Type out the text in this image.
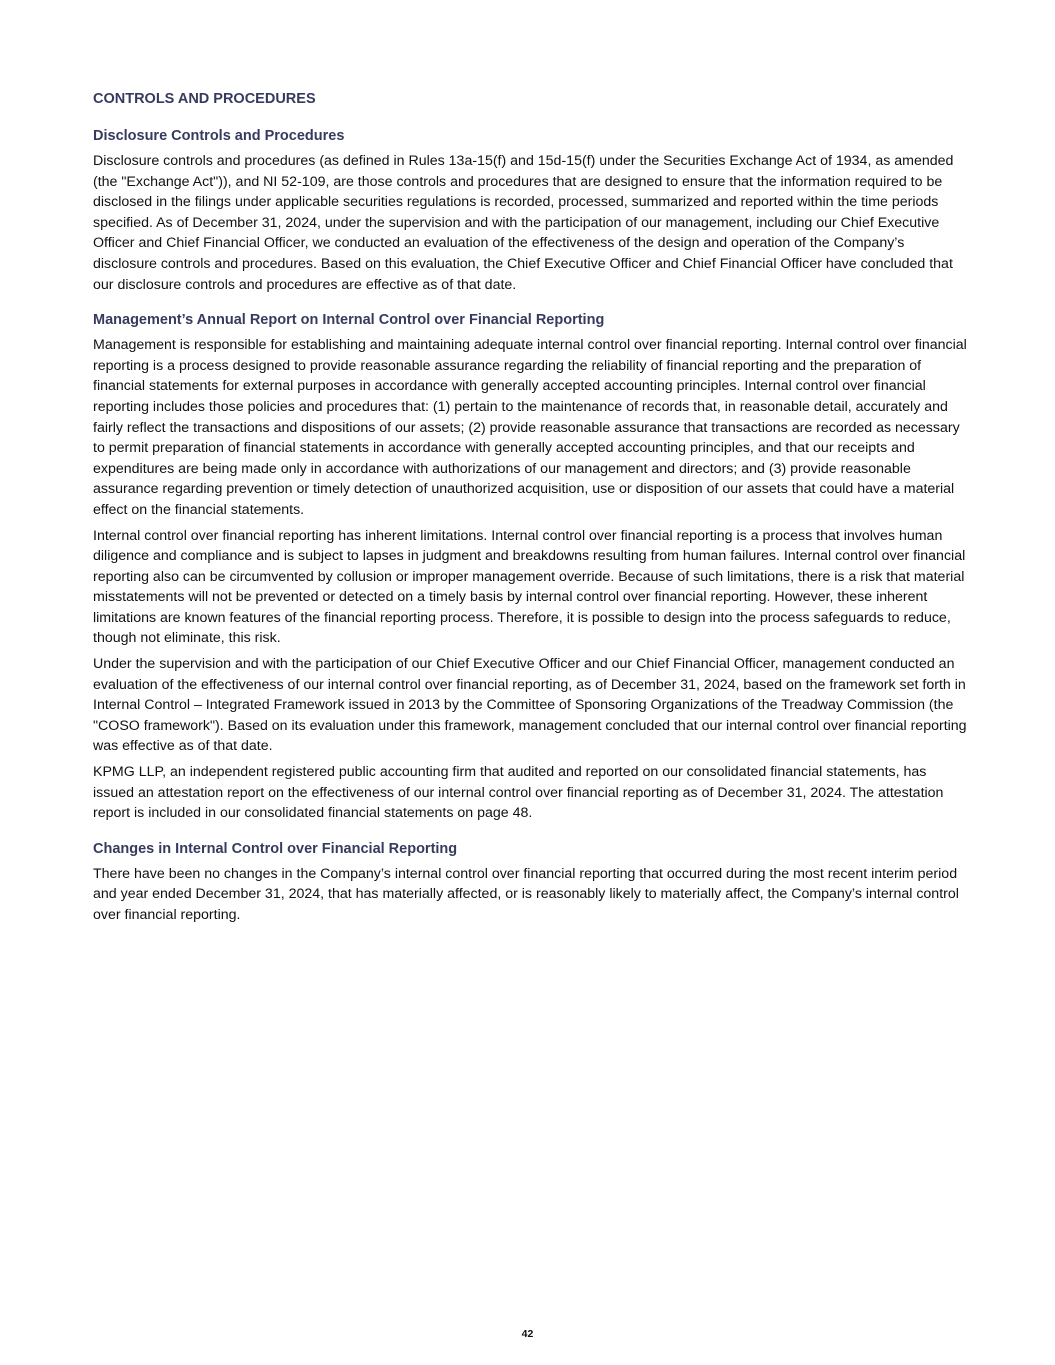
CONTROLS AND PROCEDURES
Disclosure Controls and Procedures

Disclosure controls and procedures (as defined in Rules 13a-15(f) and 15d-15(f) under the Securities Exchange Act of 1934, as amended (the "Exchange Act")), and NI 52-109, are those controls and procedures that are designed to ensure that the information required to be disclosed in the filings under applicable securities regulations is recorded, processed, summarized and reported within the time periods specified. As of December 31, 2024, under the supervision and with the participation of our management, including our Chief Executive Officer and Chief Financial Officer, we conducted an evaluation of the effectiveness of the design and operation of the Company’s disclosure controls and procedures. Based on this evaluation, the Chief Executive Officer and Chief Financial Officer have concluded that our disclosure controls and procedures are effective as of that date.

Management’s Annual Report on Internal Control over Financial Reporting

Management is responsible for establishing and maintaining adequate internal control over financial reporting. Internal control over financial reporting is a process designed to provide reasonable assurance regarding the reliability of financial reporting and the preparation of financial statements for external purposes in accordance with generally accepted accounting principles. Internal control over financial reporting includes those policies and procedures that: (1) pertain to the maintenance of records that, in reasonable detail, accurately and fairly reflect the transactions and dispositions of our assets; (2) provide reasonable assurance that transactions are recorded as necessary to permit preparation of financial statements in accordance with generally accepted accounting principles, and that our receipts and expenditures are being made only in accordance with authorizations of our management and directors; and (3) provide reasonable assurance regarding prevention or timely detection of unauthorized acquisition, use or disposition of our assets that could have a material effect on the financial statements.

Internal control over financial reporting has inherent limitations. Internal control over financial reporting is a process that involves human diligence and compliance and is subject to lapses in judgment and breakdowns resulting from human failures. Internal control over financial reporting also can be circumvented by collusion or improper management override. Because of such limitations, there is a risk that material misstatements will not be prevented or detected on a timely basis by internal control over financial reporting. However, these inherent limitations are known features of the financial reporting process. Therefore, it is possible to design into the process safeguards to reduce, though not eliminate, this risk.

Under the supervision and with the participation of our Chief Executive Officer and our Chief Financial Officer, management conducted an evaluation of the effectiveness of our internal control over financial reporting, as of December 31, 2024, based on the framework set forth in Internal Control – Integrated Framework issued in 2013 by the Committee of Sponsoring Organizations of the Treadway Commission (the "COSO framework"). Based on its evaluation under this framework, management concluded that our internal control over financial reporting was effective as of that date.

KPMG LLP, an independent registered public accounting firm that audited and reported on our consolidated financial statements, has issued an attestation report on the effectiveness of our internal control over financial reporting as of December 31, 2024. The attestation report is included in our consolidated financial statements on page 48.

Changes in Internal Control over Financial Reporting

There have been no changes in the Company’s internal control over financial reporting that occurred during the most recent interim period and year ended December 31, 2024, that has materially affected, or is reasonably likely to materially affect, the Company’s internal control over financial reporting.

42
